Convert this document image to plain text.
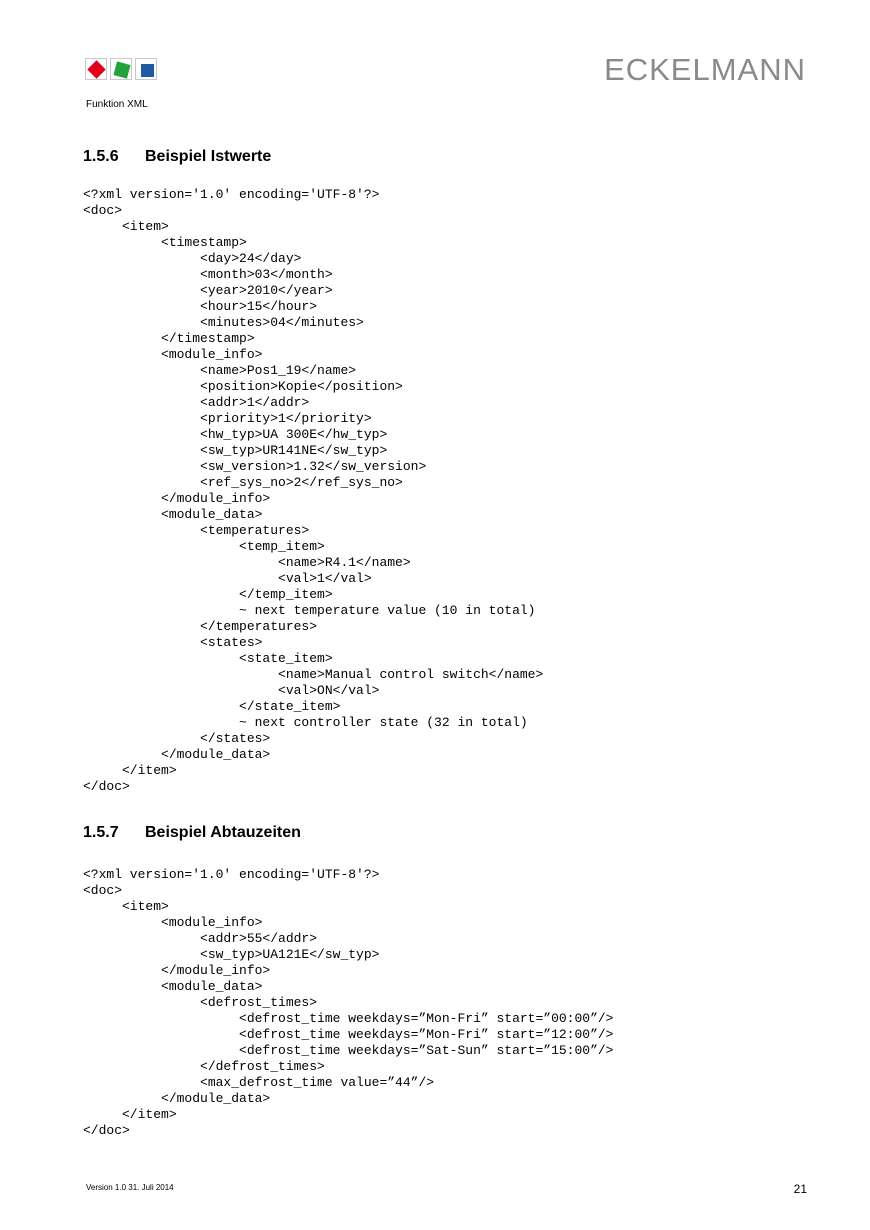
Funktion XML
ECKELMANN
1.5.6 Beispiel Istwerte
<?xml version='1.0' encoding='UTF-8'?>
<doc>
<item>
<timestamp>
<day>24</day>
<month>03</month>
<year>2010</year>
<hour>15</hour>
<minutes>04</minutes>
</timestamp>
<module_info>
<name>Pos1_19</name>
<position>Kopie</position>
<addr>1</addr>
<priority>1</priority>
<hw_typ>UA 300E</hw_typ>
<sw_typ>UR141NE</sw_typ>
<sw_version>1.32</sw_version>
<ref_sys_no>2</ref_sys_no>
</module_info>
<module_data>
<temperatures>
<temp_item>
<name>R4.1</name>
<val>1</val>
</temp_item>
~ next temperature value (10 in total)
</temperatures>
<states>
<state_item>
<name>Manual control switch</name>
<val>ON</val>
</state_item>
~ next controller state (32 in total)
</states>
</module_data>
</item>
</doc>
1.5.7 Beispiel Abtauzeiten
<?xml version='1.0' encoding='UTF-8'?>
<doc>
<item>
<module_info>
<addr>55</addr>
<sw_typ>UA121E</sw_typ>
</module_info>
<module_data>
<defrost_times>
<defrost_time weekdays=”Mon-Fri” start=”00:00”/>
<defrost_time weekdays=”Mon-Fri” start=”12:00”/>
<defrost_time weekdays=”Sat-Sun” start=”15:00”/>
</defrost_times>
<max_defrost_time value=”44”/>
</module_data>
</item>
</doc>
Version 1.0 31. Juli 2014	21
